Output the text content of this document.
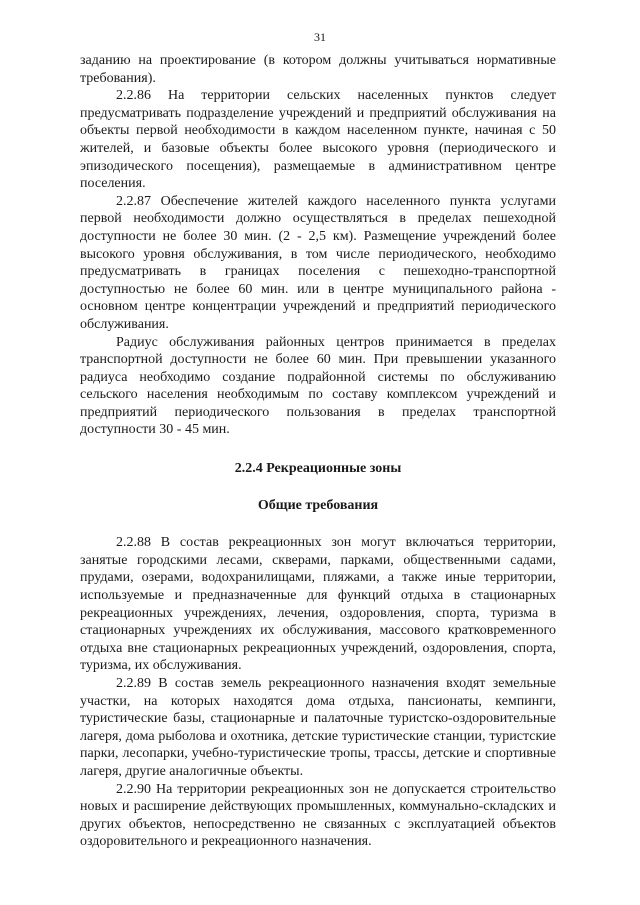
31

заданию на проектирование (в котором должны учитываться нормативные требования).

2.2.86 На территории сельских населенных пунктов следует предусматривать подразделение учреждений и предприятий обслуживания на объекты первой необходимости в каждом населенном пункте, начиная с 50 жителей, и базовые объекты более высокого уровня (периодического и эпизодического посещения), размещаемые в административном центре поселения.

2.2.87 Обеспечение жителей каждого населенного пункта услугами первой необходимости должно осуществляться в пределах пешеходной доступности не более 30 мин. (2 - 2,5 км). Размещение учреждений более высокого уровня обслуживания, в том числе периодического, необходимо предусматривать в границах поселения с пешеходно-транспортной доступностью не более 60 мин. или в центре муниципального района - основном центре концентрации учреждений и предприятий периодического обслуживания.

Радиус обслуживания районных центров принимается в пределах транспортной доступности не более 60 мин. При превышении указанного радиуса необходимо создание подрайонной системы по обслуживанию сельского населения необходимым по составу комплексом учреждений и предприятий периодического пользования в пределах транспортной доступности 30 - 45 мин.

2.2.4 Рекреационные зоны
Общие требования

2.2.88 В состав рекреационных зон могут включаться территории, занятые городскими лесами, скверами, парками, общественными садами, прудами, озерами, водохранилищами, пляжами, а также иные территории, используемые и предназначенные для функций отдыха в стационарных рекреационных учреждениях, лечения, оздоровления, спорта, туризма в стационарных учреждениях их обслуживания, массового кратковременного отдыха вне стационарных рекреационных учреждений, оздоровления, спорта, туризма, их обслуживания.

2.2.89 В состав земель рекреационного назначения входят земельные участки, на которых находятся дома отдыха, пансионаты, кемпинги, туристические базы, стационарные и палаточные туристско-оздоровительные лагеря, дома рыболова и охотника, детские туристические станции, туристские парки, лесопарки, учебно-туристические тропы, трассы, детские и спортивные лагеря, другие аналогичные объекты.

2.2.90 На территории рекреационных зон не допускается строительство новых и расширение действующих промышленных, коммунально-складских и других объектов, непосредственно не связанных с эксплуатацией объектов оздоровительного и рекреационного назначения.
